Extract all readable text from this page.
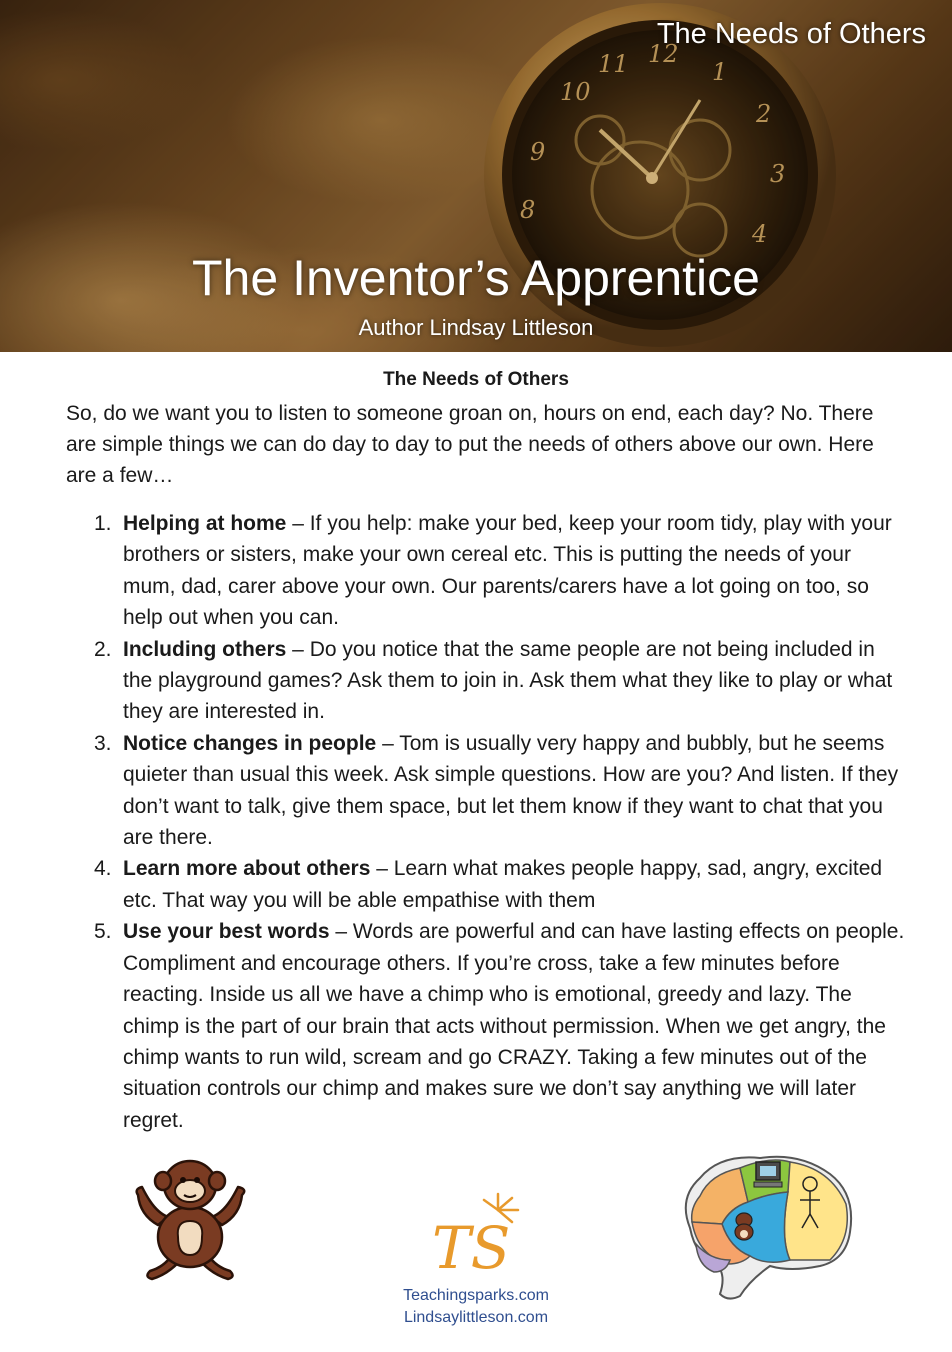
The Needs of Others
The Inventor’s Apprentice
Author Lindsay Littleson
The Needs of Others

So, do we want you to listen to someone groan on, hours on end, each day? No. There are simple things we can do day to day to put the needs of others above our own. Here are a few…

1. Helping at home – If you help: make your bed, keep your room tidy, play with your brothers or sisters, make your own cereal etc. This is putting the needs of your mum, dad, carer above your own. Our parents/carers have a lot going on too, so help out when you can.
2. Including others – Do you notice that the same people are not being included in the playground games? Ask them to join in. Ask them what they like to play or what they are interested in.
3. Notice changes in people – Tom is usually very happy and bubbly, but he seems quieter than usual this week. Ask simple questions. How are you? And listen. If they don’t want to talk, give them space, but let them know if they want to chat that you are there.
4. Learn more about others – Learn what makes people happy, sad, angry, excited etc. That way you will be able empathise with them
5. Use your best words – Words are powerful and can have lasting effects on people. Compliment and encourage others. If you’re cross, take a few minutes before reacting. Inside us all we have a chimp who is emotional, greedy and lazy. The chimp is the part of our brain that acts without permission. When we get angry, the chimp wants to run wild, scream and go CRAZY. Taking a few minutes out of the situation controls our chimp and makes sure we don’t say anything we will later regret.
TS
Teachingsparks.com
Lindsaylittleson.com
